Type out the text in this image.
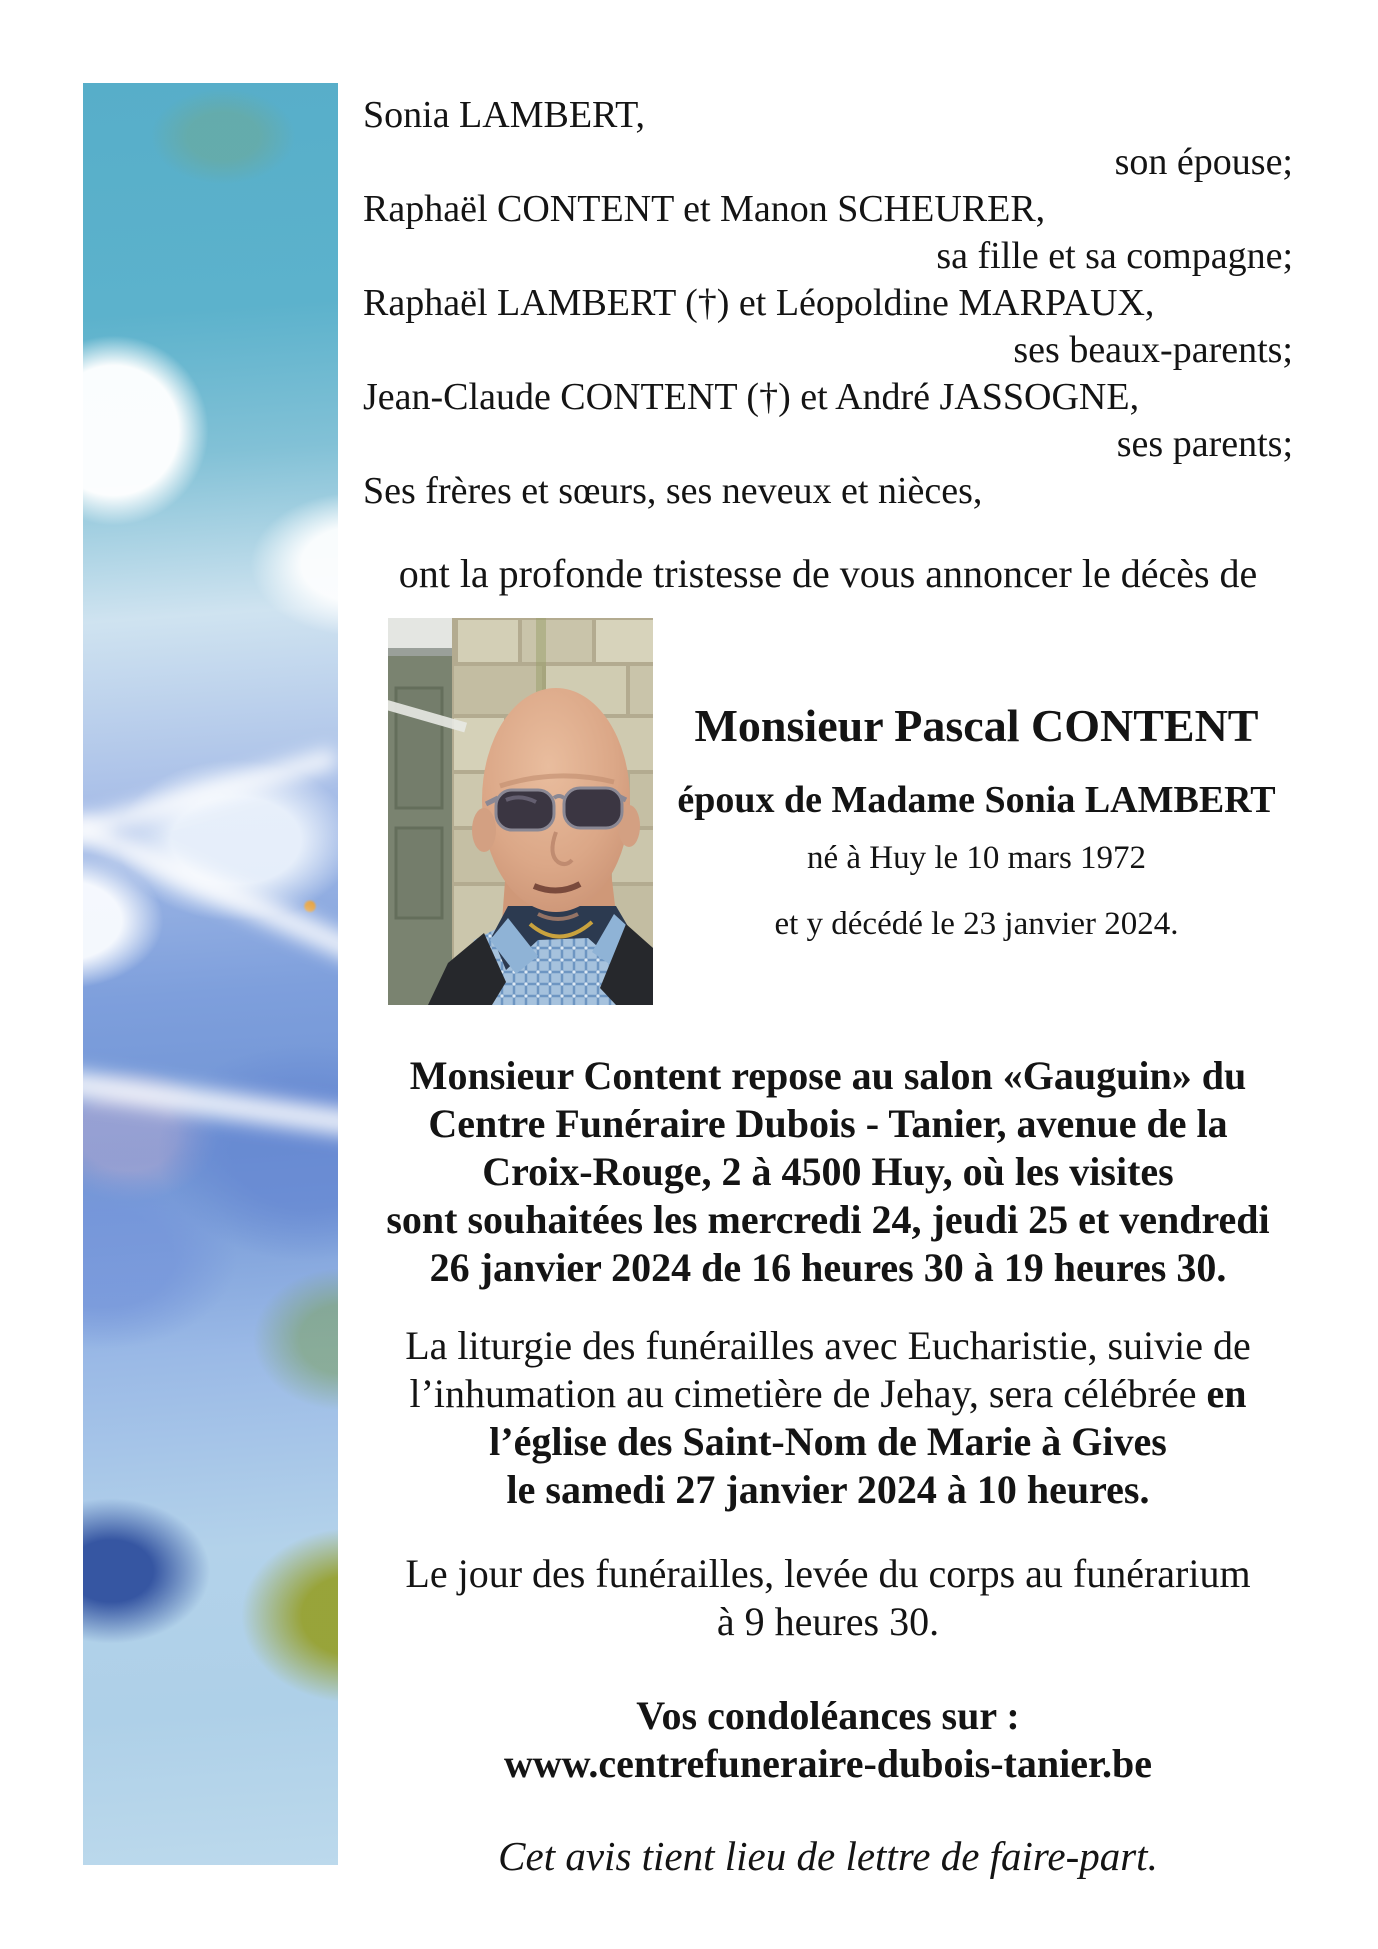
Sonia LAMBERT,
son épouse;
Raphaël CONTENT et Manon SCHEURER,
sa fille et sa compagne;
Raphaël LAMBERT (†) et Léopoldine MARPAUX,
ses beaux-parents;
Jean-Claude CONTENT (†) et André JASSOGNE,
ses parents;
Ses frères et sœurs, ses neveux et nièces,
ont la profonde tristesse de vous annoncer le décès de
Monsieur Pascal CONTENT
époux de Madame Sonia LAMBERT
né à Huy le 10 mars 1972
et y décédé le 23 janvier 2024.
Monsieur Content repose au salon «Gauguin» du
Centre Funéraire Dubois - Tanier, avenue de la
Croix-Rouge, 2 à 4500 Huy, où les visites
sont souhaitées les mercredi 24, jeudi 25 et vendredi
26 janvier 2024 de 16 heures 30 à 19 heures 30.
La liturgie des funérailles avec Eucharistie, suivie de
l’inhumation au cimetière de Jehay, sera célébrée en
l’église des Saint-Nom de Marie à Gives
le samedi 27 janvier 2024 à 10 heures.
Le jour des funérailles, levée du corps au funérarium
à 9 heures 30.
Vos condoléances sur :
www.centrefuneraire-dubois-tanier.be
Cet avis tient lieu de lettre de faire-part.
